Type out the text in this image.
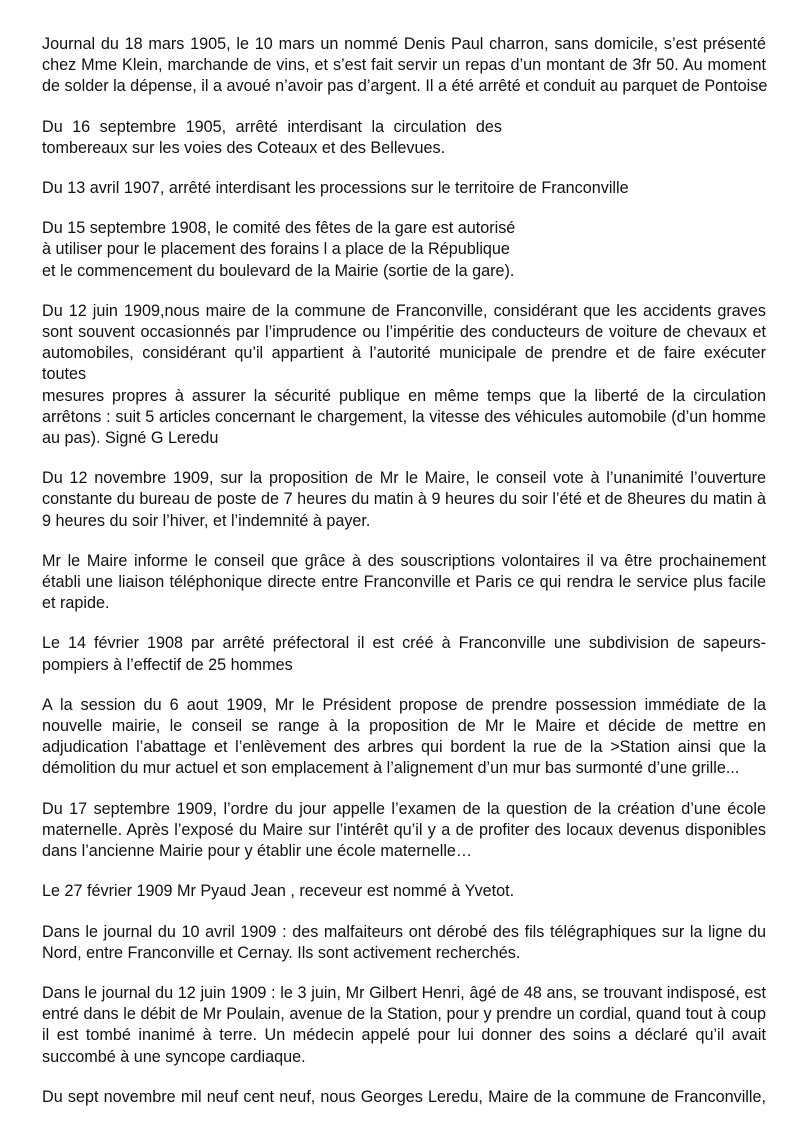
Journal du 18 mars 1905, le 10 mars un nommé Denis Paul charron, sans domicile, s’est présenté
chez Mme Klein, marchande de vins, et s’est fait servir un repas d’un montant de 3fr 50. Au moment
de solder la dépense, il a avoué n’avoir pas d’argent. Il a été arrêté et conduit au parquet de Pontoise

Du 16 septembre 1905, arrêté interdisant la circulation des
tombereaux sur les voies des Coteaux et des Bellevues.

Du 13 avril 1907, arrêté interdisant les processions sur le territoire de Franconville

Du 15 septembre 1908, le comité des fêtes de la gare est autorisé
à utiliser pour le placement des forains l a place de la République
et le commencement du boulevard de la Mairie (sortie de la gare).

Du 12 juin 1909,nous maire de la commune de Franconville, considérant que les accidents graves
sont souvent occasionnés par l’imprudence ou l’impéritie des conducteurs de voiture de chevaux et
automobiles, considérant qu’il appartient à l’autorité municipale de prendre et de faire exécuter toutes
mesures propres à assurer la sécurité publique en même temps que la liberté de la circulation
arrêtons : suit 5 articles concernant le chargement, la vitesse des véhicules automobile (d’un homme
au pas). Signé G Leredu

Du 12 novembre 1909, sur la proposition de Mr le Maire, le conseil vote à l’unanimité l’ouverture
constante du bureau de poste de 7 heures du matin à 9 heures du soir l’été et de 8heures du matin à
9 heures du soir l’hiver, et l’indemnité à payer.

Mr le Maire informe le conseil que grâce à des souscriptions volontaires il va être prochainement
établi une liaison téléphonique directe entre Franconville et Paris ce qui rendra le service plus facile
et rapide.

Le 14 février 1908 par arrêté préfectoral il est créé à Franconville une subdivision de sapeurs-
pompiers à l’effectif de 25 hommes

A la session du 6 aout 1909, Mr le Président propose de prendre possession immédiate de la
nouvelle mairie, le conseil se range à la proposition de Mr le Maire et décide de mettre en
adjudication l’abattage et l’enlèvement des arbres qui bordent la rue de la >Station ainsi que la
démolition du mur actuel et son emplacement à l’alignement d’un mur bas surmonté d’une grille...

Du 17 septembre 1909, l’ordre du jour appelle l’examen de la question de la création d’une école
maternelle. Après l’exposé du Maire sur l’intérêt qu’il y a de profiter des locaux devenus disponibles
dans l’ancienne Mairie pour y établir une école maternelle…

Le 27 février 1909 Mr Pyaud Jean , receveur est nommé à Yvetot.

Dans le journal du 10 avril 1909 : des malfaiteurs ont dérobé des fils télégraphiques sur la ligne du
Nord, entre Franconville et Cernay. Ils sont activement recherchés.

Dans le journal du 12 juin 1909 : le 3 juin, Mr Gilbert Henri, âgé de 48 ans, se trouvant indisposé, est
entré dans le débit de Mr Poulain, avenue de la Station, pour y prendre un cordial, quand tout à coup
il est tombé inanimé à terre. Un médecin appelé pour lui donner des soins a déclaré qu’il avait
succombé à une syncope cardiaque.

Du sept novembre mil neuf cent neuf, nous Georges Leredu, Maire de la commune de Franconville,
